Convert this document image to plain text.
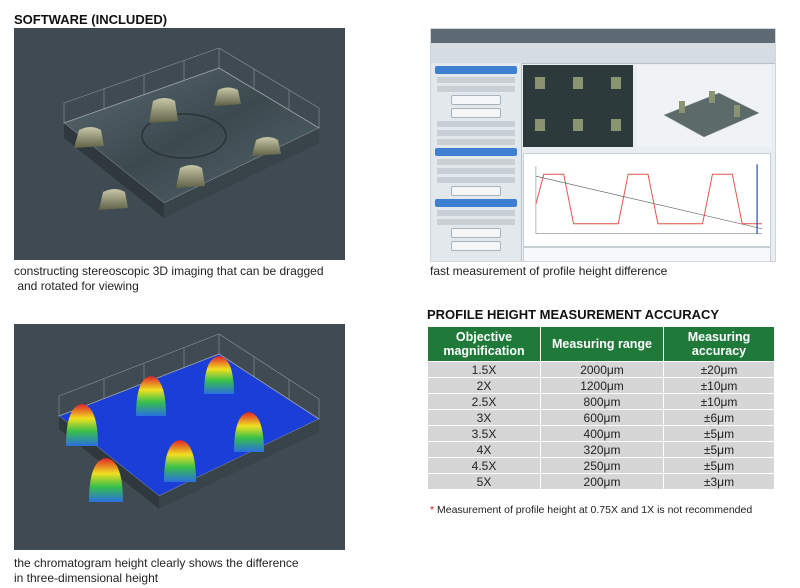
SOFTWARE (INCLUDED)
constructing stereoscopic 3D imaging that can be dragged
and rotated for viewing
fast measurement of profile height difference
the chromatogram height clearly shows the difference
in three-dimensional height
PROFILE HEIGHT MEASUREMENT ACCURACY
Objective magnification	Measuring range	Measuring accuracy
1.5X	2000μm	±20μm
2X	1200μm	±10μm
2.5X	800μm	±10μm
3X	600μm	±6μm
3.5X	400μm	±5μm
4X	320μm	±5μm
4.5X	250μm	±5μm
5X	200μm	±3μm
* Measurement of profile height at 0.75X and 1X is not recommended
